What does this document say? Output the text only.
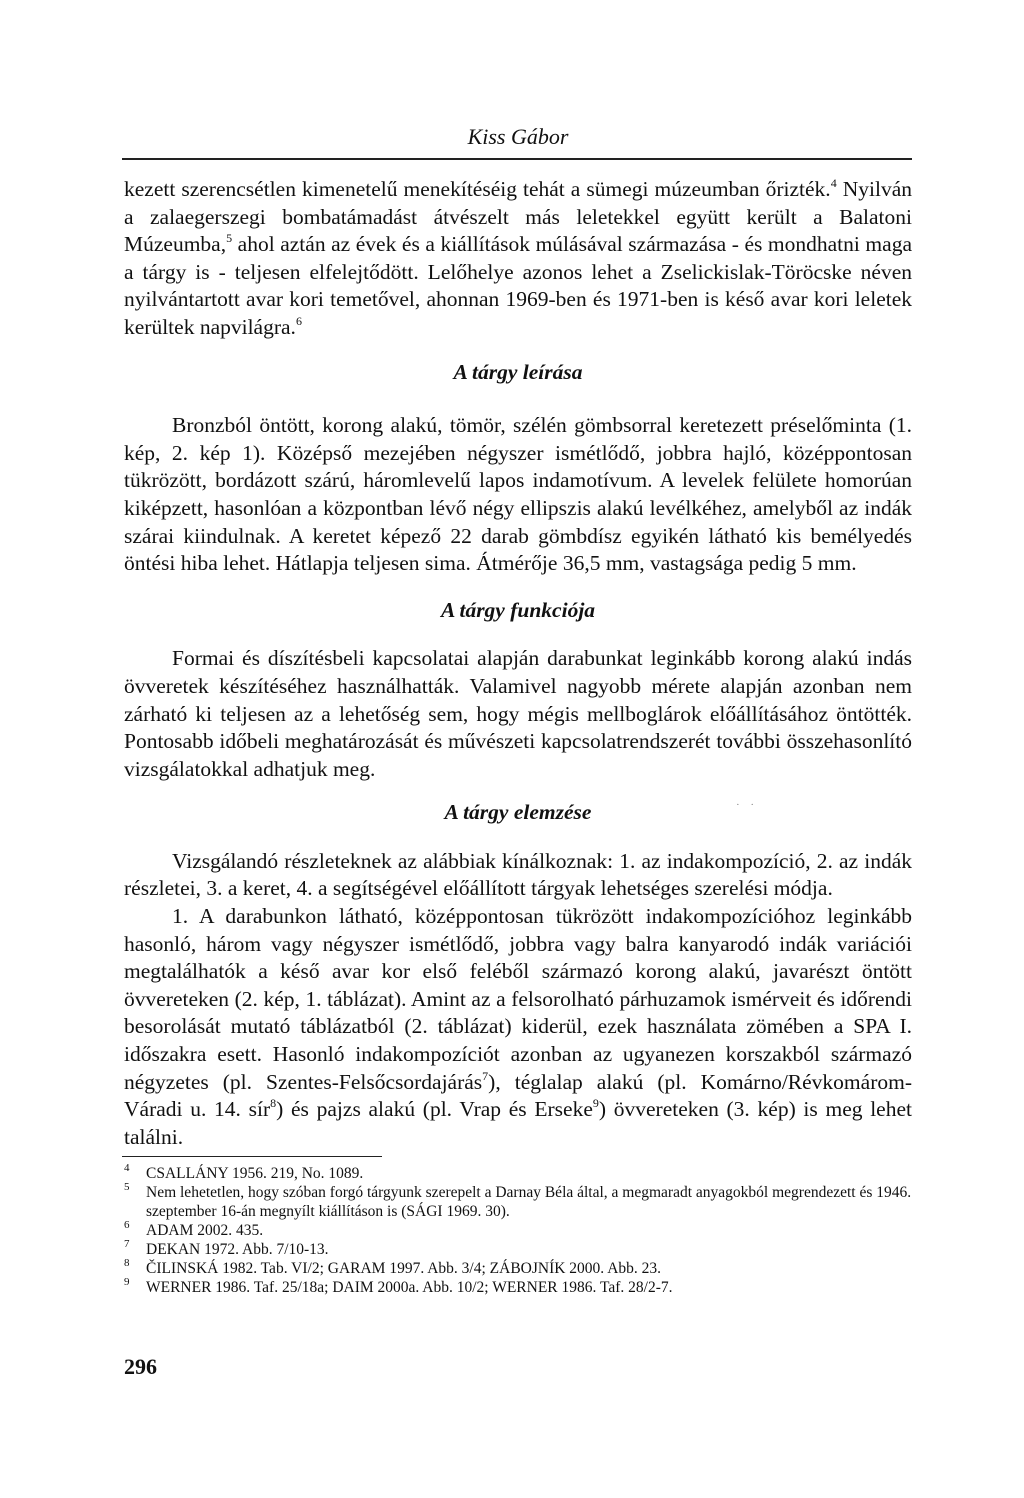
Kiss Gábor

kezett szerencsétlen kimenetelű menekítéséig tehát a sümegi múzeumban őrizték.$^4$ Nyilván a zalaegerszegi bombatámadást átvészelt más leletekkel együtt került a Balatoni Múzeumba,$^5$ ahol aztán az évek és a kiállítások múlásával származása - és mondhatni maga a tárgy is - teljesen elfelejtődött. Lelőhelye azonos lehet a Zselickislak-Töröcske néven nyilvántartott avar kori temetővel, ahonnan 1969-ben és 1971-ben is késő avar kori leletek kerültek napvilágra.$^6$

A tárgy leírása

Bronzból öntött, korong alakú, tömör, szélén gömbsorral keretezett préselőminta (1. kép, 2. kép 1). Középső mezejében négyszer ismétlődő, jobbra hajló, középpontosan tükrözött, bordázott szárú, háromlevelű lapos indamotívum. A levelek felülete homorúan kiképzett, hasonlóan a központban lévő négy ellipszis alakú levélkéhez, amelyből az indák szárai kiindulnak. A keretet képező 22 darab gömbdísz egyikén látható kis bemélyedés öntési hiba lehet. Hátlapja teljesen sima. Átmérője 36,5 mm, vastagsága pedig 5 mm.

A tárgy funkciója

Formai és díszítésbeli kapcsolatai alapján darabunkat leginkább korong alakú indás övveretek készítéséhez használhatták. Valamivel nagyobb mérete alapján azonban nem zárható ki teljesen az a lehetőség sem, hogy mégis mellboglárok előállításához öntötték. Pontosabb időbeli meghatározását és művészeti kapcsolatrendszerét további összehasonlító vizsgálatokkal adhatjuk meg.

A tárgy elemzése

Vizsgálandó részleteknek az alábbiak kínálkoznak: 1. az indakompozíció, 2. az indák részletei, 3. a keret, 4. a segítségével előállított tárgyak lehetséges szerelési módja.

1. A darabunkon látható, középpontosan tükrözött indakompozícióhoz leginkább hasonló, három vagy négyszer ismétlődő, jobbra vagy balra kanyarodó indák variációi megtalálhatók a késő avar kor első feléből származó korong alakú, javarészt öntött övvereteken (2. kép, 1. táblázat). Amint az a felsorolható párhuzamok ismérveit és időrendi besorolását mutató táblázatból (2. táblázat) kiderül, ezek használata zömében a SPA I. időszakra esett. Hasonló indakompozíciót azonban az ugyanezen korszakból származó négyzetes (pl. Szentes-Felsőcsordajárás$^7$), téglalap alakú (pl. Komárno/Révkomárom-Váradi u. 14. sír$^8$) és pajzs alakú (pl. Vrap és Erseke$^9$) övvereteken (3. kép) is meg lehet találni.

· ·
4 CSALLÁNY 1956. 219, No. 1089.
5 Nem lehetetlen, hogy szóban forgó tárgyunk szerepelt a Darnay Béla által, a megmaradt anyagokból megrendezett és 1946. szeptember 16-án megnyílt kiállításon is (SÁGI 1969. 30).
6 ADAM 2002. 435.
7 DEKAN 1972. Abb. 7/10-13.
8 ČILINSKÁ 1982. Tab. VI/2; GARAM 1997. Abb. 3/4; ZÁBOJNÍK 2000. Abb. 23.
9 WERNER 1986. Taf. 25/18a; DAIM 2000a. Abb. 10/2; WERNER 1986. Taf. 28/2-7.
296
